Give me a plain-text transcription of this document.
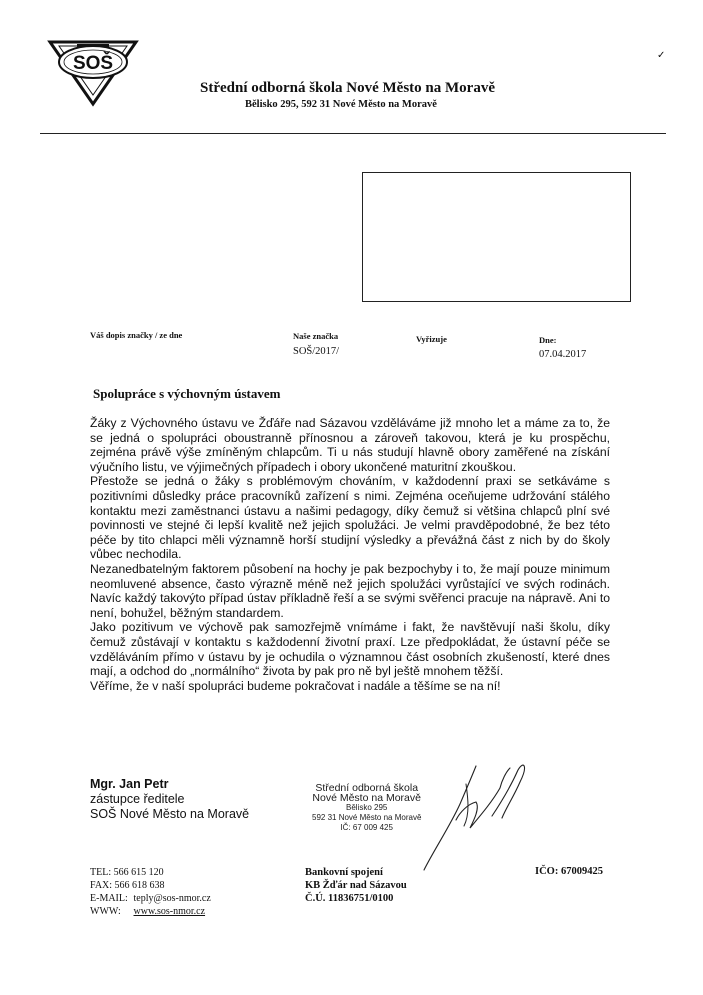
SOŠ
Střední odborná škola Nové Město na Moravě
Bělisko 295, 592 31 Nové Město na Moravě
✓
Váš dopis značky / ze dne	Naše značka
SOŠ/2017/
Vyřizuje	Dne:
07.04.2017
Spolupráce s výchovným ústavem

Žáky z Výchovného ústavu ve Žďáře nad Sázavou vzděláváme již mnoho let a máme za to, že se jedná o spolupráci oboustranně přínosnou a zároveň takovou, která je ku prospěchu, zejména právě výše zmíněným chlapcům. Ti u nás studují hlavně obory zaměřené na získání výučního listu, ve výjimečných případech i obory ukončené maturitní zkouškou.

Přestože se jedná o žáky s problémovým chováním, v každodenní praxi se setkáváme s pozitivními důsledky práce pracovníků zařízení s nimi. Zejména oceňujeme udržování stálého kontaktu mezi zaměstnanci ústavu a našimi pedagogy, díky čemuž si většina chlapců plní své povinnosti ve stejné či lepší kvalitě než jejich spolužáci. Je velmi pravděpodobné, že bez této péče by tito chlapci měli významně horší studijní výsledky a převážná část z nich by do školy vůbec nechodila.

Nezanedbatelným faktorem působení na hochy je pak bezpochyby i to, že mají pouze minimum neomluvené absence, často výrazně méně než jejich spolužáci vyrůstající ve svých rodinách. Navíc každý takovýto případ ústav příkladně řeší a se svými svěřenci pracuje na nápravě. Ani to není, bohužel, běžným standardem.

Jako pozitivum ve výchově pak samozřejmě vnímáme i fakt, že navštěvují naši školu, díky čemuž zůstávají v kontaktu s každodenní životní praxí. Lze předpokládat, že ústavní péče se vzděláváním přímo v ústavu by je ochudila o významnou část osobních zkušeností, které dnes mají, a odchod do „normálního“ života by pak pro ně byl ještě mnohem těžší.

Věříme, že v naší spolupráci budeme pokračovat i nadále a těšíme se na ní!

Mgr. Jan Petr
zástupce ředitele
SOŠ Nové Město na Moravě
Střední odborná škola
Nové Město na Moravě
Bělisko 295
592 31 Nové Město na Moravě
IČ: 67 009 425
TEL: 566 615 120
FAX: 566 618 638
E-MAIL: teply@sos-nmor.cz
WWW: www.sos-nmor.cz
Bankovní spojení
KB Žďár nad Sázavou
Č.Ú. 11836751/0100
IČO: 67009425
